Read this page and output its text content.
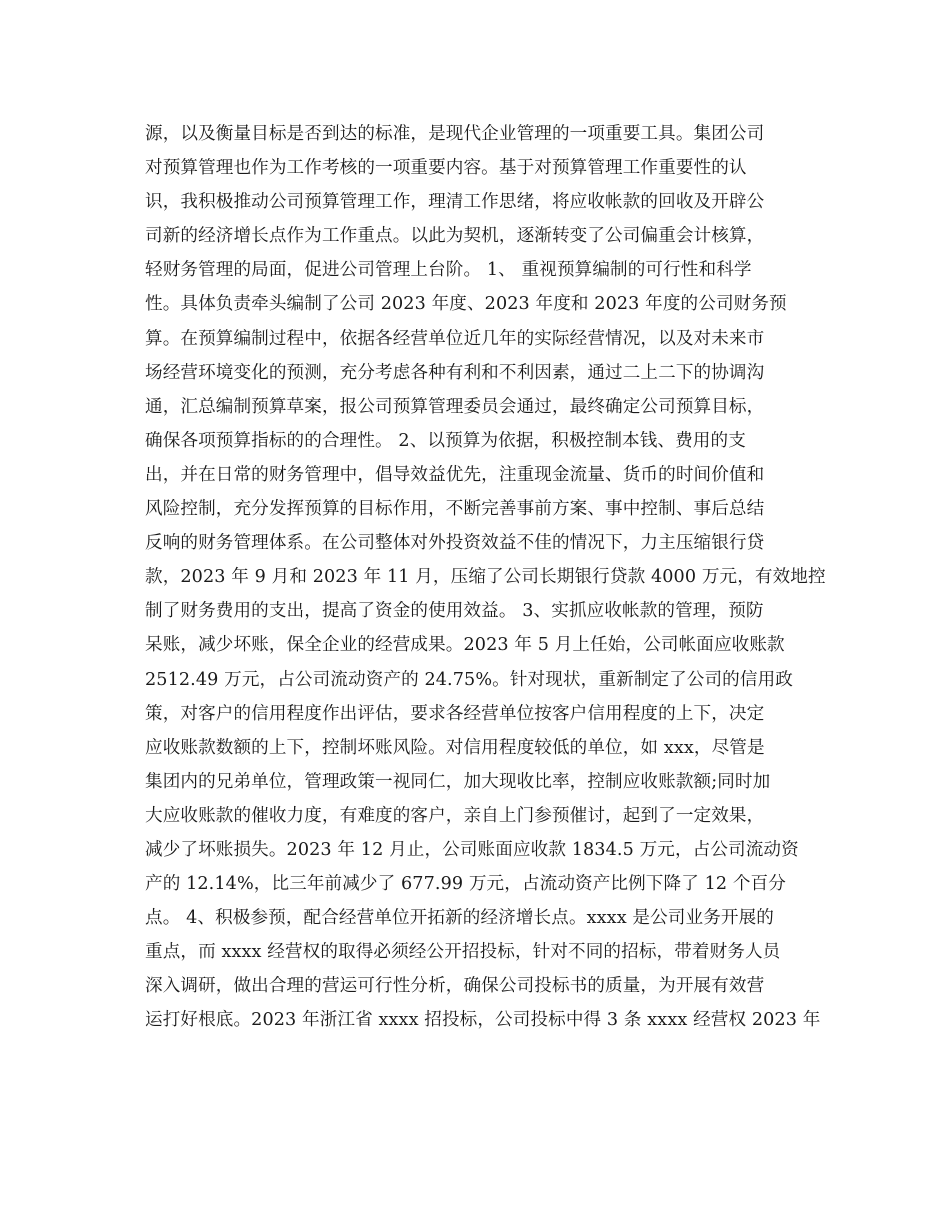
源，以及衡量目标是否到达的标准，是现代企业管理的一项重要工具。集团公司
对预算管理也作为工作考核的一项重要内容。基于对预算管理工作重要性的认
识，我积极推动公司预算管理工作，理清工作思绪，将应收帐款的回收及开辟公
司新的经济增长点作为工作重点。以此为契机，逐渐转变了公司偏重会计核算，
轻财务管理的局面，促进公司管理上台阶。 1、 重视预算编制的可行性和科学
性。具体负责牵头编制了公司 2023 年度、2023 年度和 2023 年度的公司财务预
算。在预算编制过程中，依据各经营单位近几年的实际经营情况，以及对未来市
场经营环境变化的预测，充分考虑各种有利和不利因素，通过二上二下的协调沟
通，汇总编制预算草案，报公司预算管理委员会通过，最终确定公司预算目标，
确保各项预算指标的的合理性。 2、以预算为依据，积极控制本钱、费用的支
出，并在日常的财务管理中，倡导效益优先，注重现金流量、货币的时间价值和
风险控制，充分发挥预算的目标作用，不断完善事前方案、事中控制、事后总结
反响的财务管理体系。在公司整体对外投资效益不佳的情况下，力主压缩银行贷
款，2023 年 9 月和 2023 年 11 月，压缩了公司长期银行贷款 4000 万元，有效地控
制了财务费用的支出，提高了资金的使用效益。 3、实抓应收帐款的管理，预防
呆账，减少坏账，保全企业的经营成果。2023 年 5 月上任始，公司帐面应收账款
2512.49 万元，占公司流动资产的 24.75%。针对现状，重新制定了公司的信用政
策，对客户的信用程度作出评估，要求各经营单位按客户信用程度的上下，决定
应收账款数额的上下，控制坏账风险。对信用程度较低的单位，如 xxx，尽管是
集团内的兄弟单位，管理政策一视同仁，加大现收比率，控制应收账款额;同时加
大应收账款的催收力度，有难度的客户，亲自上门参预催讨，起到了一定效果，
减少了坏账损失。2023 年 12 月止，公司账面应收款 1834.5 万元，占公司流动资
产的 12.14%，比三年前减少了 677.99 万元，占流动资产比例下降了 12 个百分
点。 4、积极参预，配合经营单位开拓新的经济增长点。xxxx 是公司业务开展的
重点，而 xxxx 经营权的取得必须经公开招投标，针对不同的招标，带着财务人员
深入调研，做出合理的营运可行性分析，确保公司投标书的质量，为开展有效营
运打好根底。2023 年浙江省 xxxx 招投标，公司投标中得 3 条 xxxx 经营权 2023 年
